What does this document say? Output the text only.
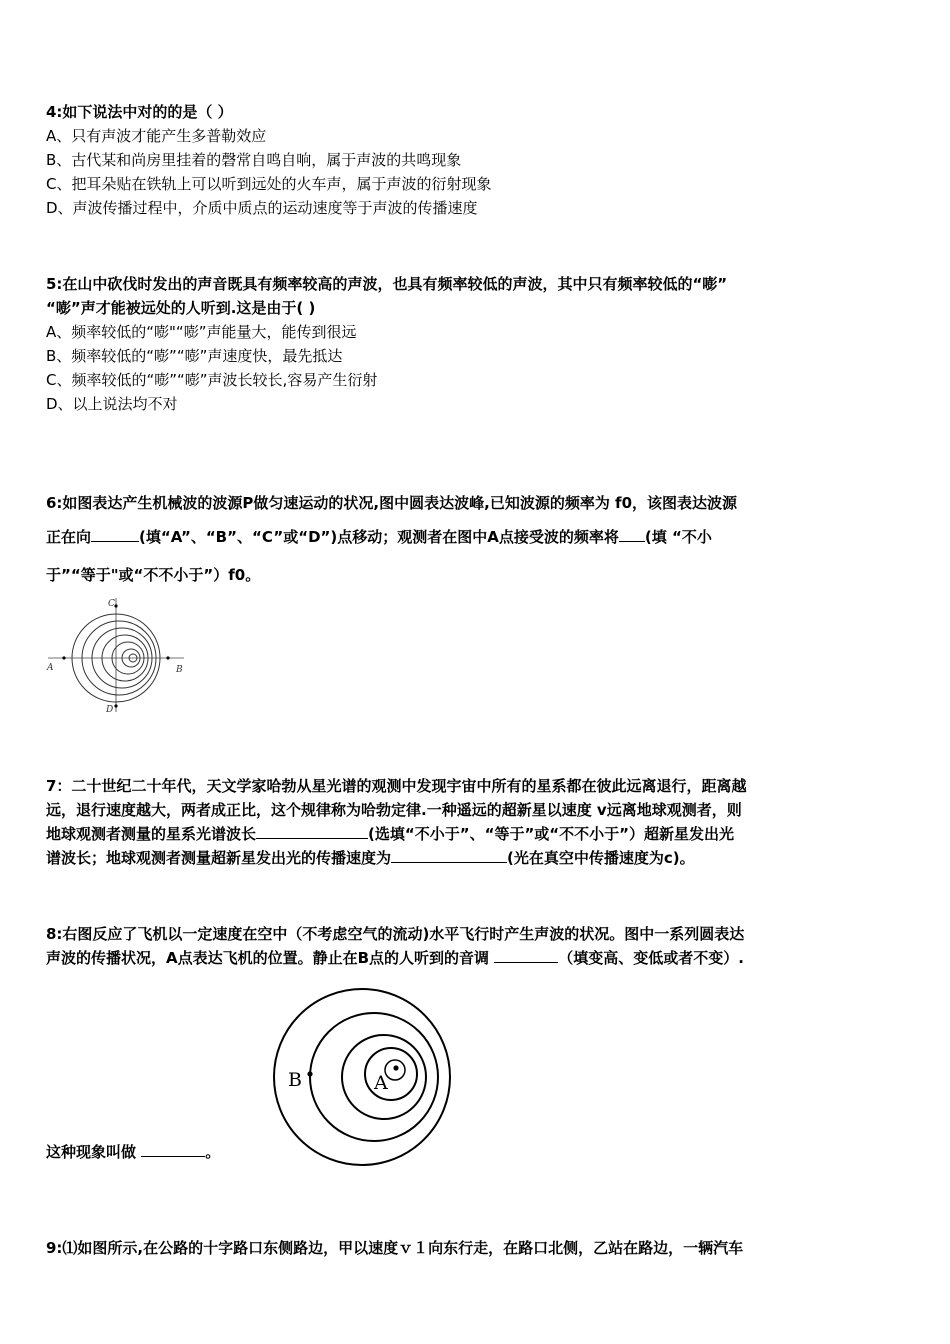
4:如下说法中对的的是（ ）
A、只有声波才能产生多普勒效应
B、古代某和尚房里挂着的磬常自鸣自响，属于声波的共鸣现象
C、把耳朵贴在铁轨上可以听到远处的火车声，属于声波的衍射现象
D、声波传播过程中，介质中质点的运动速度等于声波的传播速度
5:在山中砍伐时发出的声音既具有频率较高的声波，也具有频率较低的声波，其中只有频率较低的“嘭”
“嘭”声才能被远处的人听到.这是由于( )
A、频率较低的“嘭"“嘭”声能量大，能传到很远
B、频率较低的“嘭”“嘭”声速度快，最先抵达
C、频率较低的“嘭”“嘭”声波长较长,容易产生衍射
D、以上说法均不对
6:如图表达产生机械波的波源P做匀速运动的状况,图中圆表达波峰,已知波源的频率为 f0，该图表达波源
正在向	(填“A”、“B”、“C”或“D”)点移动；观测者在图中A点接受波的频率将 (填 “不小
于”“等于"或“不不小于”）f0。
C
A	B
D
7：二十世纪二十年代，天文学家哈勃从星光谱的观测中发现宇宙中所有的星系都在彼此远离退行，距离越
远，退行速度越大，两者成正比，这个规律称为哈勃定律.一种遥远的超新星以速度 v远离地球观测者，则
地球观测者测量的星系光谱波长	(选填“不小于”、“等于”或“不不小于”）超新星发出光
谱波长；地球观测者测量超新星发出光的传播速度为	(光在真空中传播速度为c)。
8:右图反应了飞机以一定速度在空中（不考虑空气的流动)水平飞行时产生声波的状况。图中一系列圆表达
声波的传播状况，A点表达飞机的位置。静止在B点的人听到的音调	（填变高、变低或者不变）.
B	A
这种现象叫做	。
9:⑴如图所示,在公路的十字路口东侧路边，甲以速度ｖ１向东行走，在路口北侧，乙站在路边，一辆汽车
